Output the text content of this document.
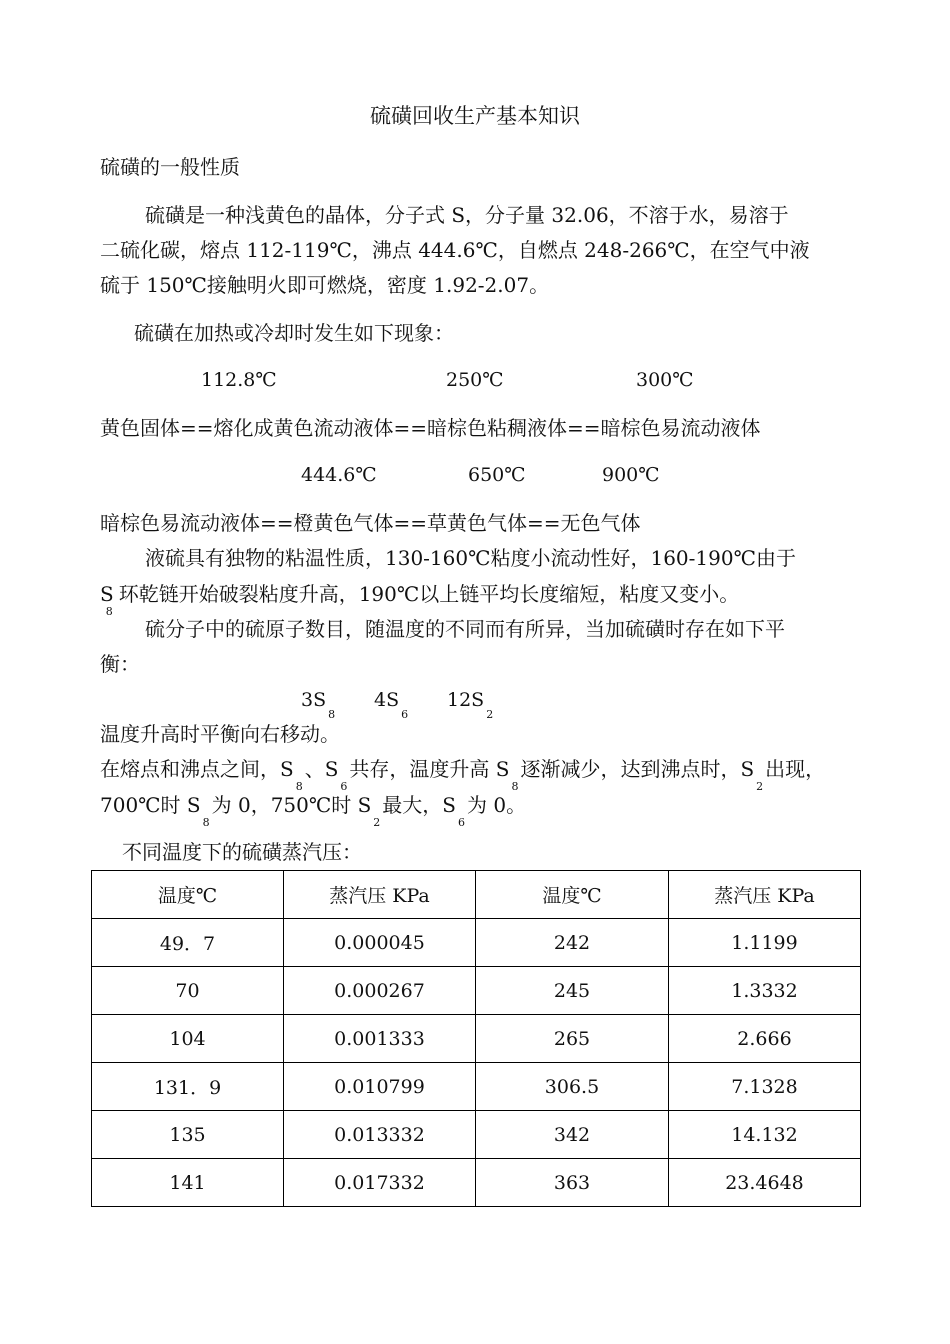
硫磺回收生产基本知识
硫磺的一般性质
硫磺是一种浅黄色的晶体，分子式 S，分子量 32.06，不溶于水，易溶于
二硫化碳，熔点 112-119℃，沸点 444.6℃，自燃点 248-266℃，在空气中液
硫于 150℃接触明火即可燃烧，密度 1.92-2.07。
硫磺在加热或冷却时发生如下现象：
112.8℃	250℃	300℃
黄色固体==熔化成黄色流动液体==暗棕色粘稠液体==暗棕色易流动液体
444.6℃	650℃	900℃
暗棕色易流动液体==橙黄色气体==草黄色气体==无色气体
液硫具有独物的粘温性质，130-160℃粘度小流动性好，160-190℃由于
$S_8$环乾链开始破裂粘度升高，190℃以上链平均长度缩短，粘度又变小。
硫分子中的硫原子数目，随温度的不同而有所异，当加硫磺时存在如下平
衡：
$3S_8$
$4S_6$
$12S_2$
温度升高时平衡向右移动。
在熔点和沸点之间，$S_8$、$S_6$共存，温度升高 $S_8$逐渐减少，达到沸点时，$S_2$出现，
700℃时 $S_8$为 0，750℃时 $S_2$最大，$S_6$为 0。
不同温度下的硫磺蒸汽压：
温度℃	蒸汽压 KPa	温度℃	蒸汽压 KPa
49．7	0.000045	242	1.1199
70	0.000267	245	1.3332
104	0.001333	265	2.666
131．9	0.010799	306.5	7.1328
135	0.013332	342	14.132
141	0.017332	363	23.4648
